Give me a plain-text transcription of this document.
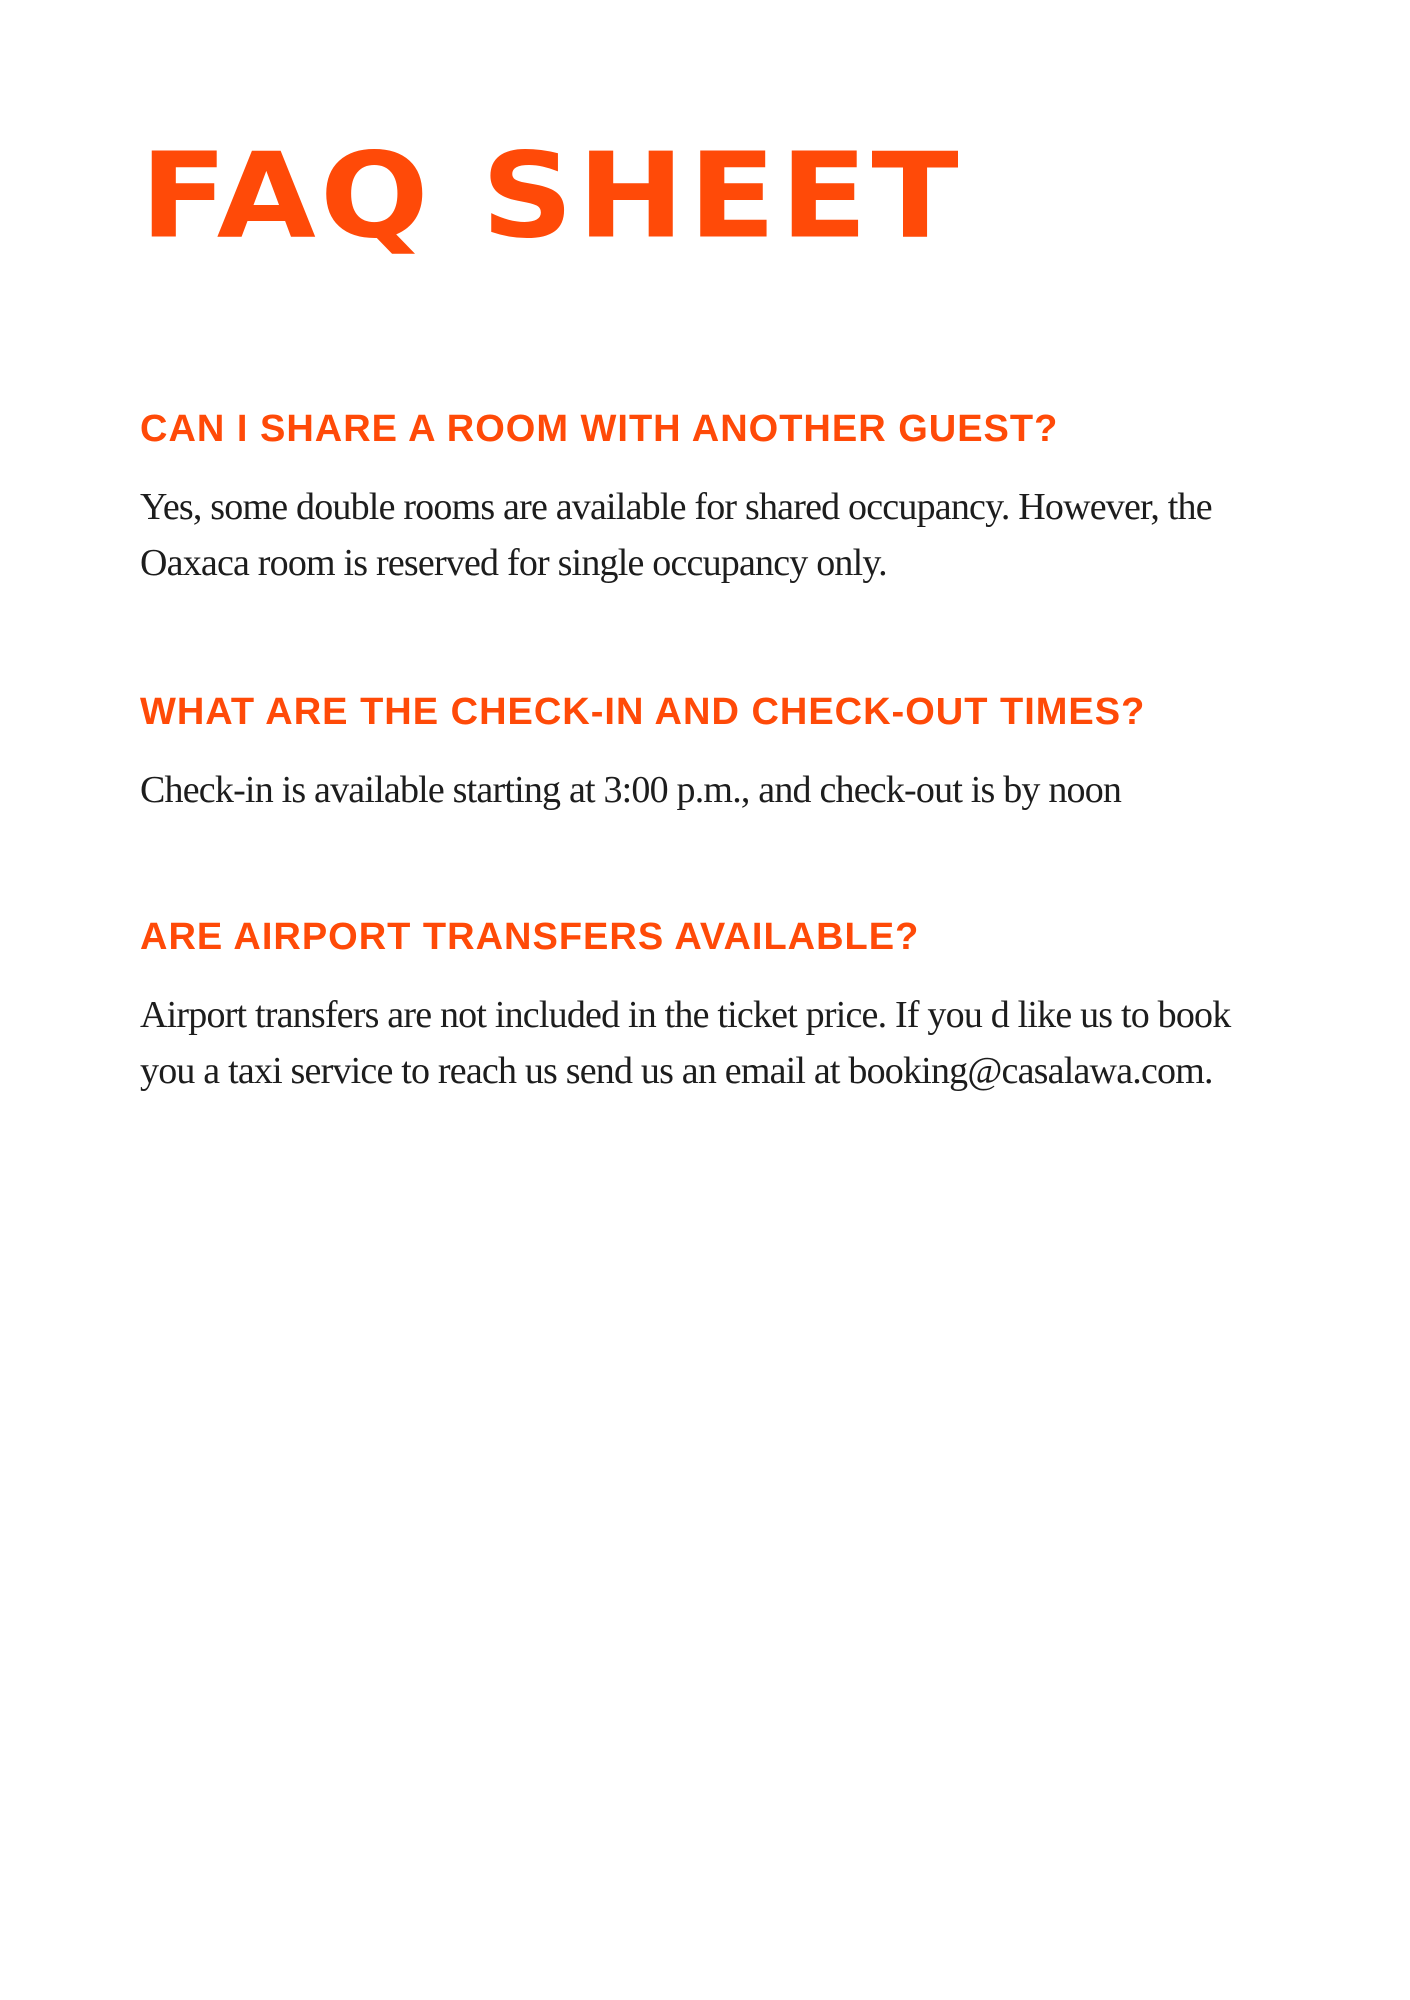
FAQ SHEET
CAN I SHARE A ROOM WITH ANOTHER GUEST?

Yes, some double rooms are available for shared occupancy. However, the Oaxaca room is reserved for single occupancy only.

WHAT ARE THE CHECK-IN AND CHECK-OUT TIMES?

Check-in is available starting at 3:00 p.m., and check-out is by noon

ARE AIRPORT TRANSFERS AVAILABLE?

Airport transfers are not included in the ticket price. If you d like us to book you a taxi service to reach us send us an email at booking@casalawa.com.
